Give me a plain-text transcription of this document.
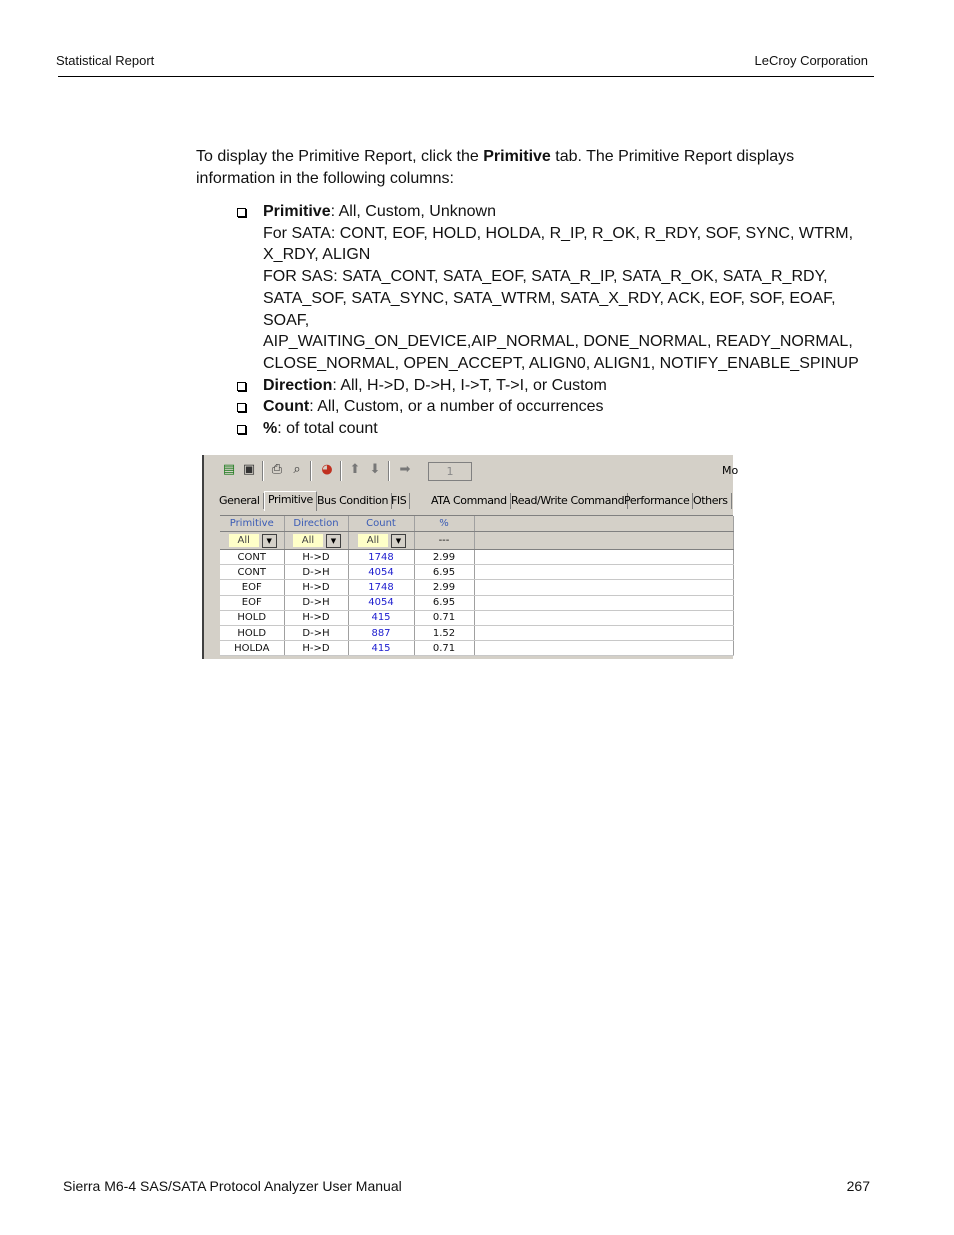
Statistical Report	LeCroy Corporation
To display the Primitive Report, click the Primitive tab. The Primitive Report displays information in the following columns:
Primitive: All, Custom, Unknown
For SATA: CONT, EOF, HOLD, HOLDA, R_IP, R_OK, R_RDY, SOF, SYNC, WTRM,
X_RDY, ALIGN
FOR SAS: SATA_CONT, SATA_EOF, SATA_R_IP, SATA_R_OK, SATA_R_RDY,
SATA_SOF, SATA_SYNC, SATA_WTRM, SATA_X_RDY, ACK, EOF, SOF, EOAF, SOAF,
AIP_WAITING_ON_DEVICE,AIP_NORMAL, DONE_NORMAL, READY_NORMAL,
CLOSE_NORMAL, OPEN_ACCEPT, ALIGN0, ALIGN1, NOTIFY_ENABLE_SPINUP
Direction: All, H->D, D->H, I->T, T->I, or Custom
Count: All, Custom, or a number of occurrences
%: of total count
▤ ▣ ⎙ ⌕	◕ ⬆ ⬇ ➡	1	Mo
General Primitive Bus Condition FIS	ATA Command Read/Write Command Performance Others
Primitive	Direction	Count	%	

All ▼	All ▼	All ▼	---	
CONT	H->D	1748	2.99	
CONT	D->H	4054	6.95	
EOF	H->D	1748	2.99	
EOF	D->H	4054	6.95	
HOLD	H->D	415	0.71	
HOLD	D->H	887	1.52	
HOLDA	H->D	415	0.71	
Sierra M6-4 SAS/SATA Protocol Analyzer User Manual	267
